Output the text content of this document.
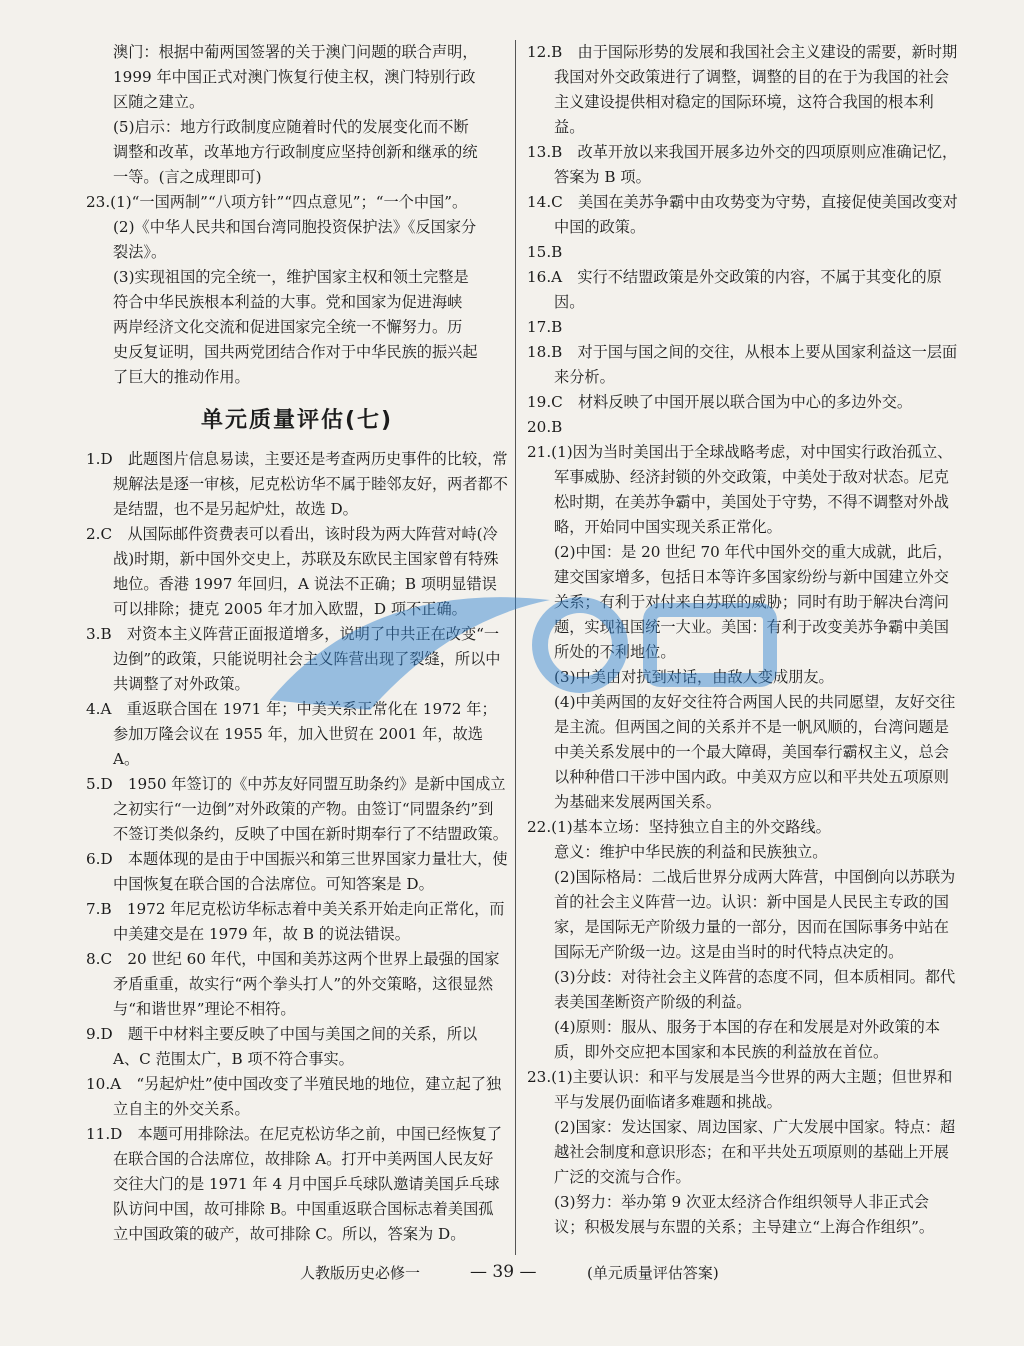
澳门：根据中葡两国签署的关于澳门问题的联合声明，

1999 年中国正式对澳门恢复行使主权，澳门特别行政

区随之建立。

(5)启示：地方行政制度应随着时代的发展变化而不断

调整和改革，改革地方行政制度应坚持创新和继承的统

一等。(言之成理即可)

23.(1)“一国两制”“八项方针”“四点意见”；“一个中国”。

(2)《中华人民共和国台湾同胞投资保护法》《反国家分

裂法》。

(3)实现祖国的完全统一，维护国家主权和领土完整是

符合中华民族根本利益的大事。党和国家为促进海峡

两岸经济文化交流和促进国家完全统一不懈努力。历

史反复证明，国共两党团结合作对于中华民族的振兴起

了巨大的推动作用。

单元质量评估(七)

1.D　此题图片信息易读，主要还是考查两历史事件的比较，常规解法是逐一审核，尼克松访华不属于睦邻友好，两者都不是结盟，也不是另起炉灶，故选 D。

2.C　从国际邮件资费表可以看出，该时段为两大阵营对峙(冷战)时期，新中国外交史上，苏联及东欧民主国家曾有特殊地位。香港 1997 年回归，A 说法不正确；B 项明显错误可以排除；捷克 2005 年才加入欧盟，D 项不正确。

3.B　对资本主义阵营正面报道增多，说明了中共正在改变“一边倒”的政策，只能说明社会主义阵营出现了裂缝，所以中共调整了对外政策。

4.A　重返联合国在 1971 年；中美关系正常化在 1972 年；参加万隆会议在 1955 年，加入世贸在 2001 年，故选 A。

5.D　1950 年签订的《中苏友好同盟互助条约》是新中国成立之初实行“一边倒”对外政策的产物。由签订“同盟条约”到不签订类似条约，反映了中国在新时期奉行了不结盟政策。

6.D　本题体现的是由于中国振兴和第三世界国家力量壮大，使中国恢复在联合国的合法席位。可知答案是 D。

7.B　1972 年尼克松访华标志着中美关系开始走向正常化，而中美建交是在 1979 年，故 B 的说法错误。

8.C　20 世纪 60 年代，中国和美苏这两个世界上最强的国家矛盾重重，故实行“两个拳头打人”的外交策略，这很显然与“和谐世界”理论不相符。

9.D　题干中材料主要反映了中国与美国之间的关系，所以 A、C 范围太广，B 项不符合事实。

10.A　“另起炉灶”使中国改变了半殖民地的地位，建立起了独立自主的外交关系。

11.D　本题可用排除法。在尼克松访华之前，中国已经恢复了在联合国的合法席位，故排除 A。打开中美两国人民友好交往大门的是 1971 年 4 月中国乒乓球队邀请美国乒乓球队访问中国，故可排除 B。中国重返联合国标志着美国孤立中国政策的破产，故可排除 C。所以，答案为 D。

12.B　由于国际形势的发展和我国社会主义建设的需要，新时期我国对外交政策进行了调整，调整的目的在于为我国的社会主义建设提供相对稳定的国际环境，这符合我国的根本利益。

13.B　改革开放以来我国开展多边外交的四项原则应准确记忆，答案为 B 项。

14.C　美国在美苏争霸中由攻势变为守势，直接促使美国改变对中国的政策。

15.B

16.A　实行不结盟政策是外交政策的内容，不属于其变化的原因。

17.B

18.B　对于国与国之间的交往，从根本上要从国家利益这一层面来分析。

19.C　材料反映了中国开展以联合国为中心的多边外交。

20.B

21.(1)因为当时美国出于全球战略考虑，对中国实行政治孤立、军事威胁、经济封锁的外交政策，中美处于敌对状态。尼克松时期，在美苏争霸中，美国处于守势，不得不调整对外战略，开始同中国实现关系正常化。

(2)中国：是 20 世纪 70 年代中国外交的重大成就，此后，建交国家增多，包括日本等许多国家纷纷与新中国建立外交关系；有利于对付来自苏联的威胁；同时有助于解决台湾问题，实现祖国统一大业。美国：有利于改变美苏争霸中美国所处的不利地位。

(3)中美由对抗到对话，由敌人变成朋友。

(4)中美两国的友好交往符合两国人民的共同愿望，友好交往是主流。但两国之间的关系并不是一帆风顺的，台湾问题是中美关系发展中的一个最大障碍，美国奉行霸权主义，总会以种种借口干涉中国内政。中美双方应以和平共处五项原则为基础来发展两国关系。

22.(1)基本立场：坚持独立自主的外交路线。

意义：维护中华民族的利益和民族独立。

(2)国际格局：二战后世界分成两大阵营，中国倒向以苏联为首的社会主义阵营一边。认识：新中国是人民民主专政的国家，是国际无产阶级力量的一部分，因而在国际事务中站在国际无产阶级一边。这是由当时的时代特点决定的。

(3)分歧：对待社会主义阵营的态度不同，但本质相同。都代表美国垄断资产阶级的利益。

(4)原则：服从、服务于本国的存在和发展是对外政策的本质，即外交应把本国家和本民族的利益放在首位。

23.(1)主要认识：和平与发展是当今世界的两大主题；但世界和平与发展仍面临诸多难题和挑战。

(2)国家：发达国家、周边国家、广大发展中国家。特点：超越社会制度和意识形态；在和平共处五项原则的基础上开展广泛的交流与合作。

(3)努力：举办第 9 次亚太经济合作组织领导人非正式会议；积极发展与东盟的关系；主导建立“上海合作组织”。

人教版历史必修一	— 39 —	(单元质量评估答案)
